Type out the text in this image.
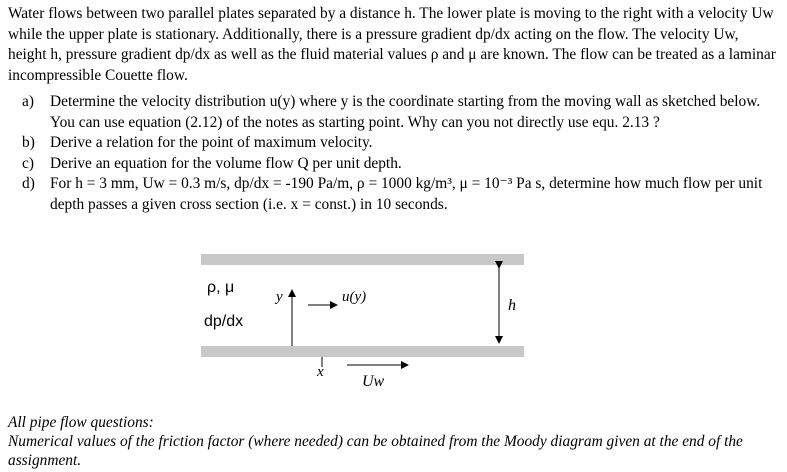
Water flows between two parallel plates separated by a distance h. The lower plate is moving to the right with a velocity Uw while the upper plate is stationary. Additionally, there is a pressure gradient dp/dx acting on the flow. The velocity Uw, height h, pressure gradient dp/dx as well as the fluid material values ρ and μ are known. The flow can be treated as a laminar incompressible Couette flow.

a)	Determine the velocity distribution u(y) where y is the coordinate starting from the moving wall as sketched below. You can use equation (2.12) of the notes as starting point. Why can you not directly use equ. 2.13 ?
b) Derive a relation for the point of maximum velocity.
c)	Derive an equation for the volume flow Q per unit depth.
d) For h = 3 mm, Uw = 0.3 m/s, dp/dx = -190 Pa/m, ρ = 1000 kg/m³, μ = 10⁻³ Pa s, determine how much flow per unit depth passes a given cross section (i.e. x = const.) in 10 seconds.
ρ, μ
dp/dx
y
x
u(y)	h
Uw

All pipe flow questions:

Numerical values of the friction factor (where needed) can be obtained from the Moody diagram given at the end of the assignment.
